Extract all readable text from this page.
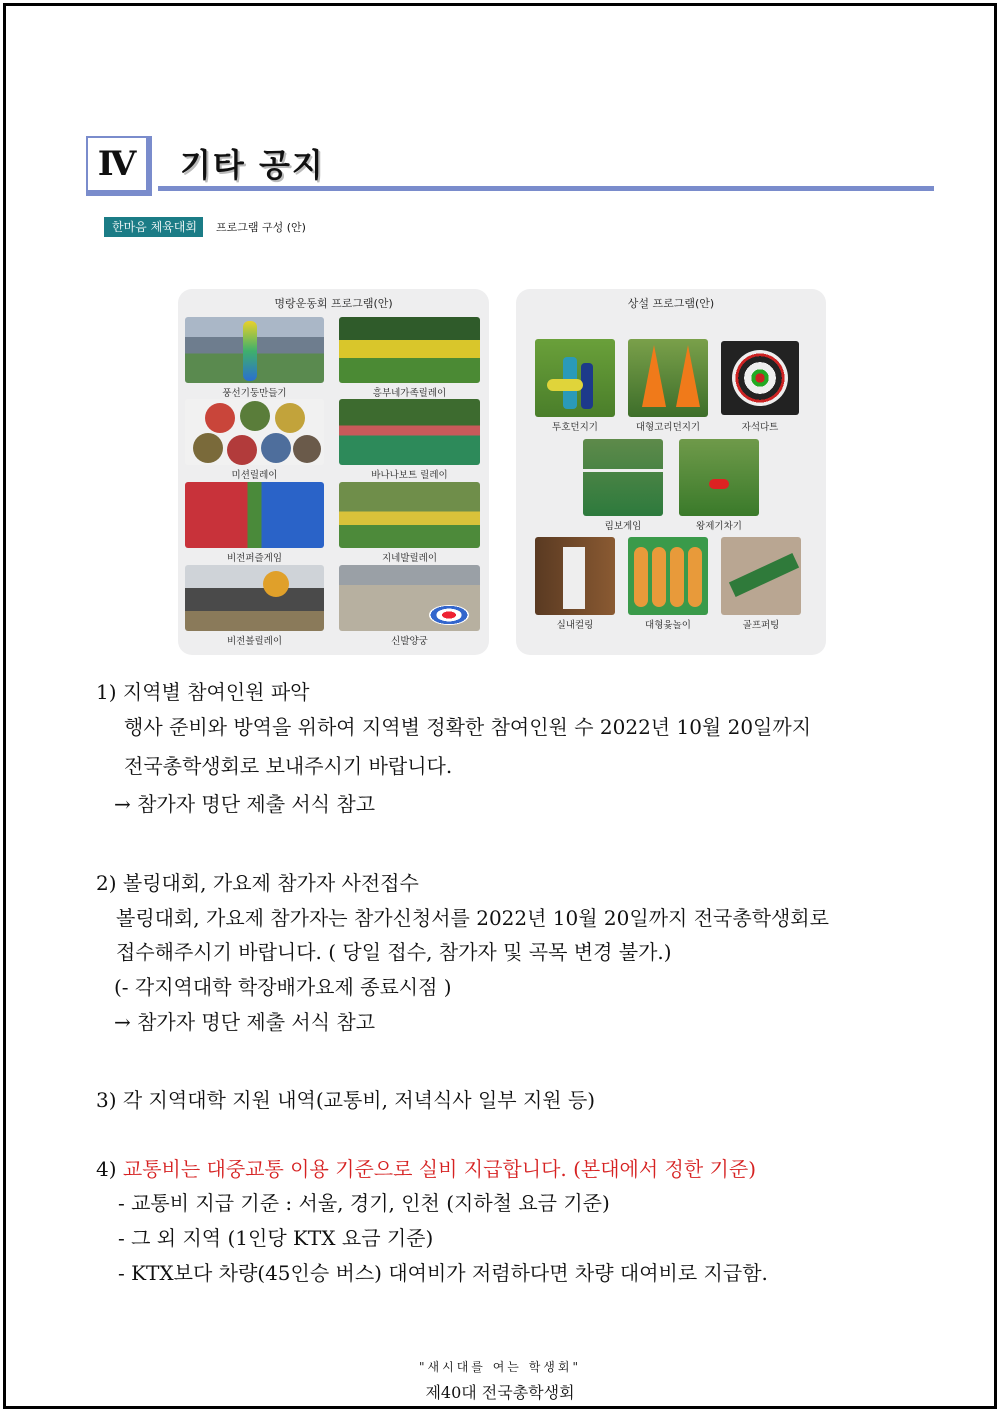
Ⅳ	기타 공지
한마음 체육대회	프로그램 구성 (안)
명랑운동회 프로그램(안)
풍선기둥만들기	흥부네가족릴레이
미션릴레이	바나나보트 릴레이
비전퍼즐게임	지네발릴레이
비전볼릴레이	신발양궁
상설 프로그램(안)
투호던지기	대형고리던지기	자석다트
림보게임	왕제기차기
실내컬링	대형윷놀이	골프퍼팅
1) 지역별 참여인원 파악
행사 준비와 방역을 위하여 지역별 정확한 참여인원 수 2022년 10월 20일까지
전국총학생회로 보내주시기 바랍니다.
→ 참가자 명단 제출 서식 참고
2) 볼링대회, 가요제 참가자 사전접수
볼링대회, 가요제 참가자는 참가신청서를 2022년 10월 20일까지 전국총학생회로
접수해주시기 바랍니다. ( 당일 접수, 참가자 및 곡목 변경 불가.)
(- 각지역대학 학장배가요제 종료시점 )
→ 참가자 명단 제출 서식 참고
3) 각 지역대학 지원 내역(교통비, 저녁식사 일부 지원 등)
4) 교통비는 대중교통 이용 기준으로 실비 지급합니다. (본대에서 정한 기준)
- 교통비 지급 기준 : 서울, 경기, 인천 (지하철 요금 기준)
- 그 외 지역 (1인당 KTX 요금 기준)
- KTX보다 차량(45인승 버스) 대여비가 저렴하다면 차량 대여비로 지급함.
"새시대를 여는 학생회"
제40대 전국총학생회
